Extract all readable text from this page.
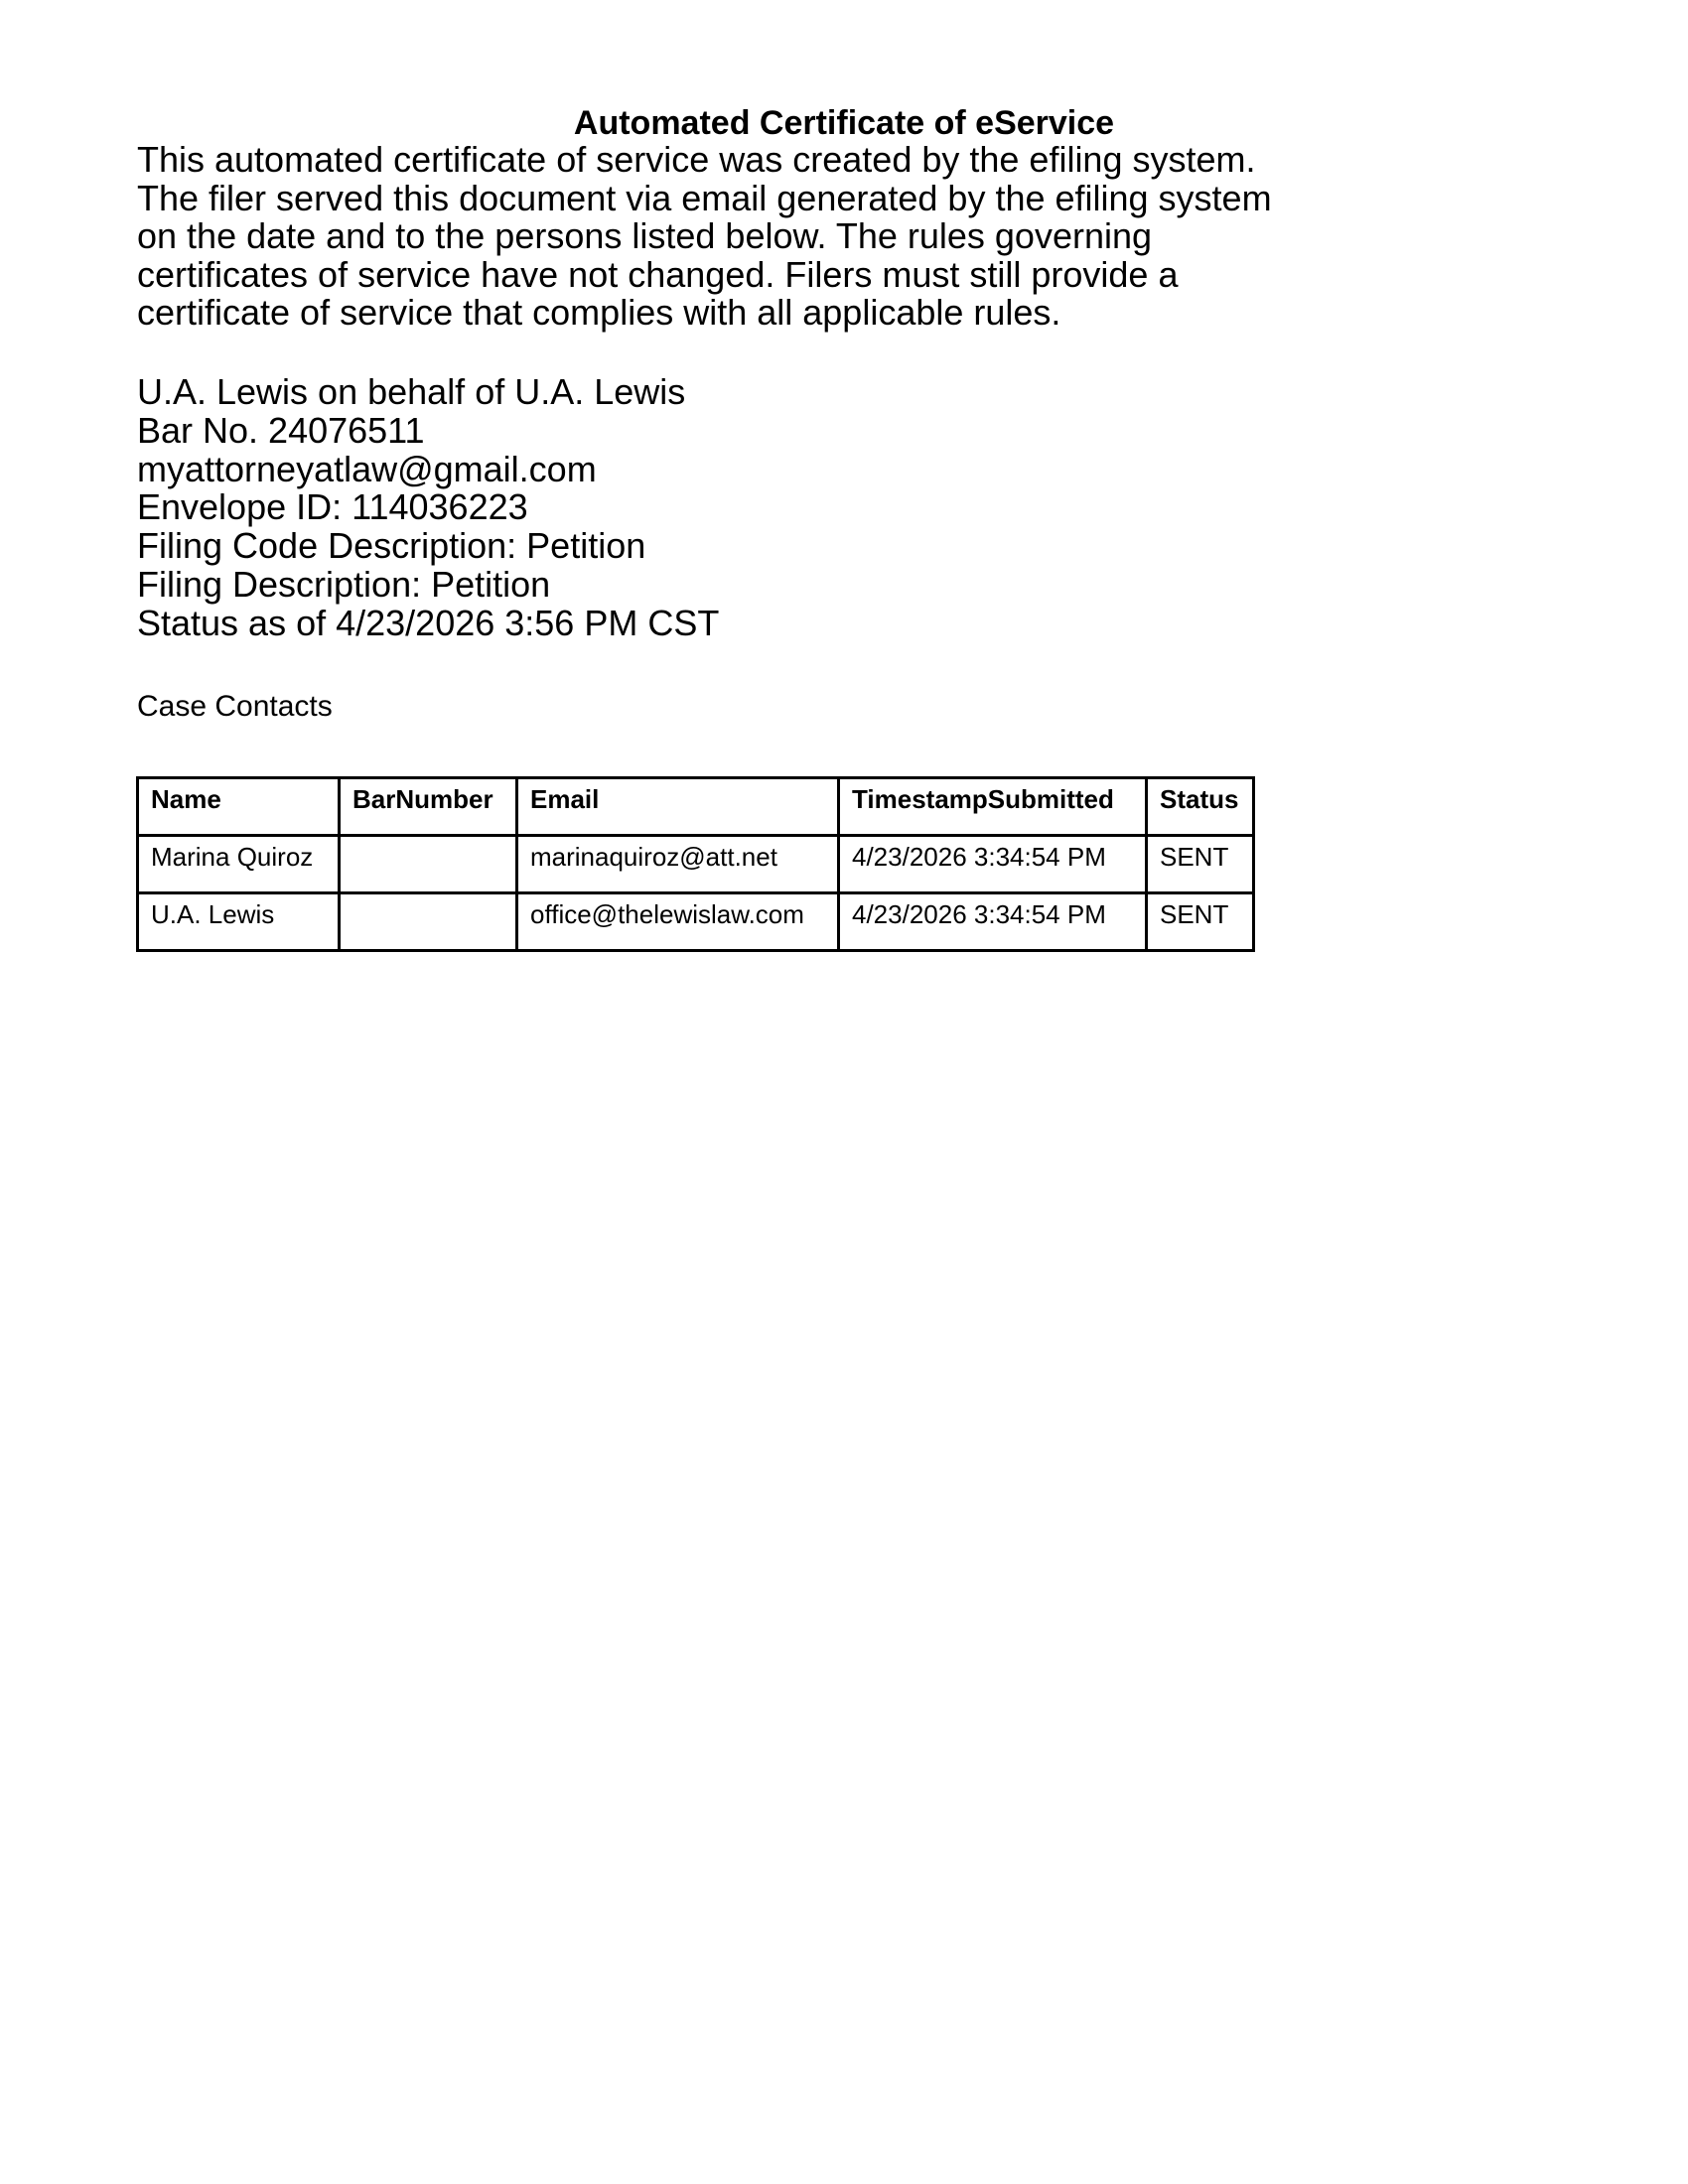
Automated Certificate of eService

This automated certificate of service was created by the efiling system.
The filer served this document via email generated by the efiling system
on the date and to the persons listed below. The rules governing
certificates of service have not changed. Filers must still provide a
certificate of service that complies with all applicable rules.

U.A. Lewis on behalf of U.A. Lewis
Bar No. 24076511
myattorneyatlaw@gmail.com
Envelope ID: 114036223
Filing Code Description: Petition
Filing Description: Petition
Status as of 4/23/2026 3:56 PM CST

Case Contacts

Name	BarNumber	Email	TimestampSubmitted	Status
Marina Quiroz		marinaquiroz@att.net	4/23/2026 3:34:54 PM	SENT
U.A. Lewis		office@thelewislaw.com	4/23/2026 3:34:54 PM	SENT
